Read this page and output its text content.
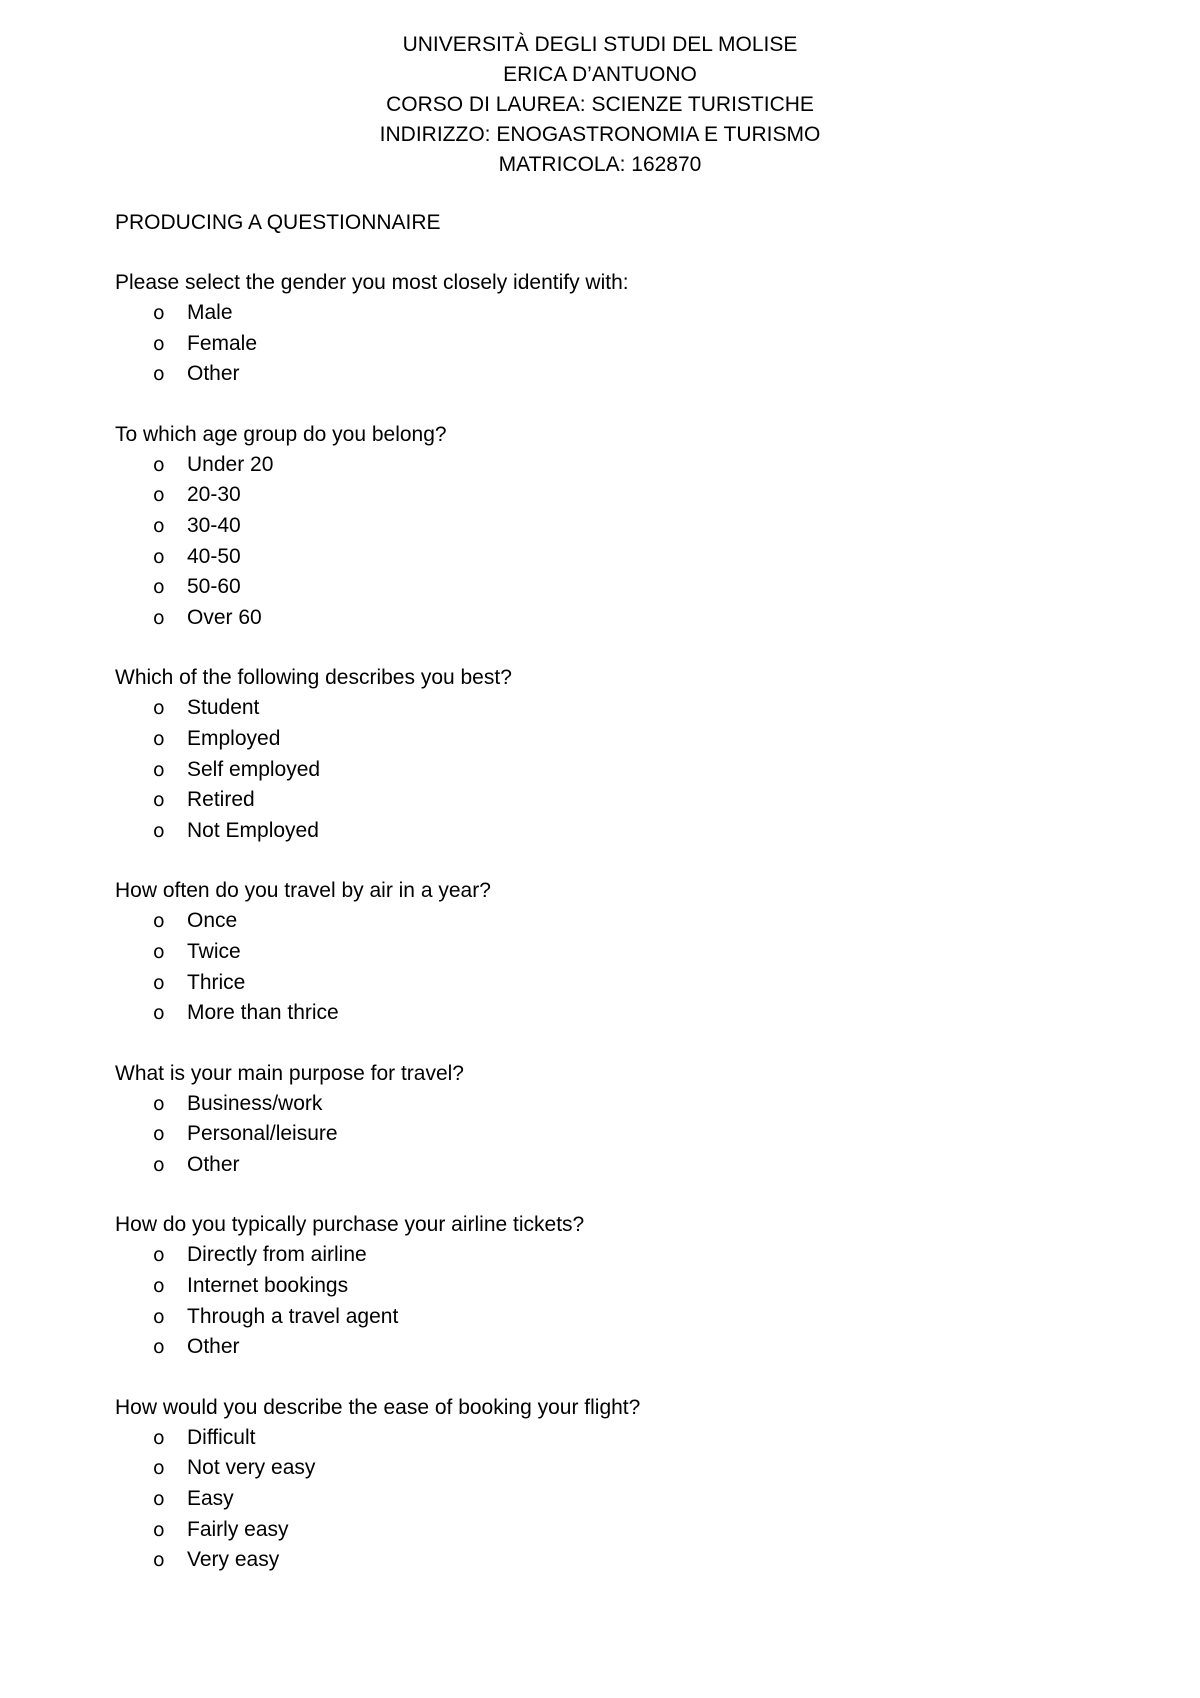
UNIVERSITÀ DEGLI STUDI DEL MOLISE
ERICA D’ANTUONO
CORSO DI LAUREA: SCIENZE TURISTICHE
INDIRIZZO: ENOGASTRONOMIA E TURISMO
MATRICOLA: 162870
PRODUCING A QUESTIONNAIRE
Please select the gender you most closely identify with:
o Male
o Female
o Other
To which age group do you belong?
o Under 20
o 20-30
o 30-40
o 40-50
o 50-60
o Over 60
Which of the following describes you best?
o Student
o Employed
o Self employed
o Retired
o Not Employed
How often do you travel by air in a year?
o Once
o Twice
o Thrice
o More than thrice
What is your main purpose for travel?
o Business/work
o Personal/leisure
o Other
How do you typically purchase your airline tickets?
o Directly from airline
o Internet bookings
o Through a travel agent
o Other
How would you describe the ease of booking your flight?
o Difficult
o Not very easy
o Easy
o Fairly easy
o Very easy
